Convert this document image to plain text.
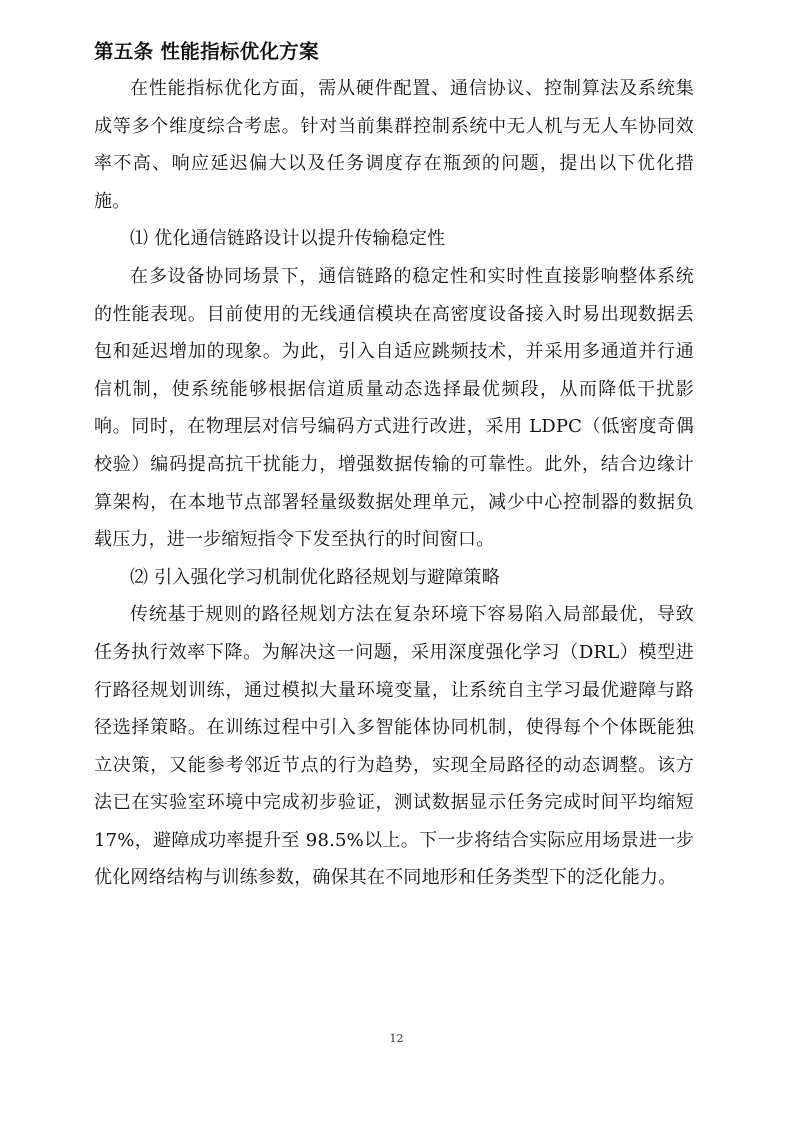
第五条 性能指标优化方案

在性能指标优化方面，需从硬件配置、通信协议、控制算法及系统集成等多个维度综合考虑。针对当前集群控制系统中无人机与无人车协同效率不高、响应延迟偏大以及任务调度存在瓶颈的问题，提出以下优化措施。

⑴ 优化通信链路设计以提升传输稳定性

在多设备协同场景下，通信链路的稳定性和实时性直接影响整体系统的性能表现。目前使用的无线通信模块在高密度设备接入时易出现数据丢包和延迟增加的现象。为此，引入自适应跳频技术，并采用多通道并行通信机制，使系统能够根据信道质量动态选择最优频段，从而降低干扰影响。同时，在物理层对信号编码方式进行改进，采用 LDPC（低密度奇偶校验）编码提高抗干扰能力，增强数据传输的可靠性。此外，结合边缘计算架构，在本地节点部署轻量级数据处理单元，减少中心控制器的数据负载压力，进一步缩短指令下发至执行的时间窗口。

⑵ 引入强化学习机制优化路径规划与避障策略

传统基于规则的路径规划方法在复杂环境下容易陷入局部最优，导致任务执行效率下降。为解决这一问题，采用深度强化学习（DRL）模型进行路径规划训练，通过模拟大量环境变量，让系统自主学习最优避障与路径选择策略。在训练过程中引入多智能体协同机制，使得每个个体既能独立决策，又能参考邻近节点的行为趋势，实现全局路径的动态调整。该方法已在实验室环境中完成初步验证，测试数据显示任务完成时间平均缩短 17%，避障成功率提升至 98.5%以上。下一步将结合实际应用场景进一步优化网络结构与训练参数，确保其在不同地形和任务类型下的泛化能力。

12
